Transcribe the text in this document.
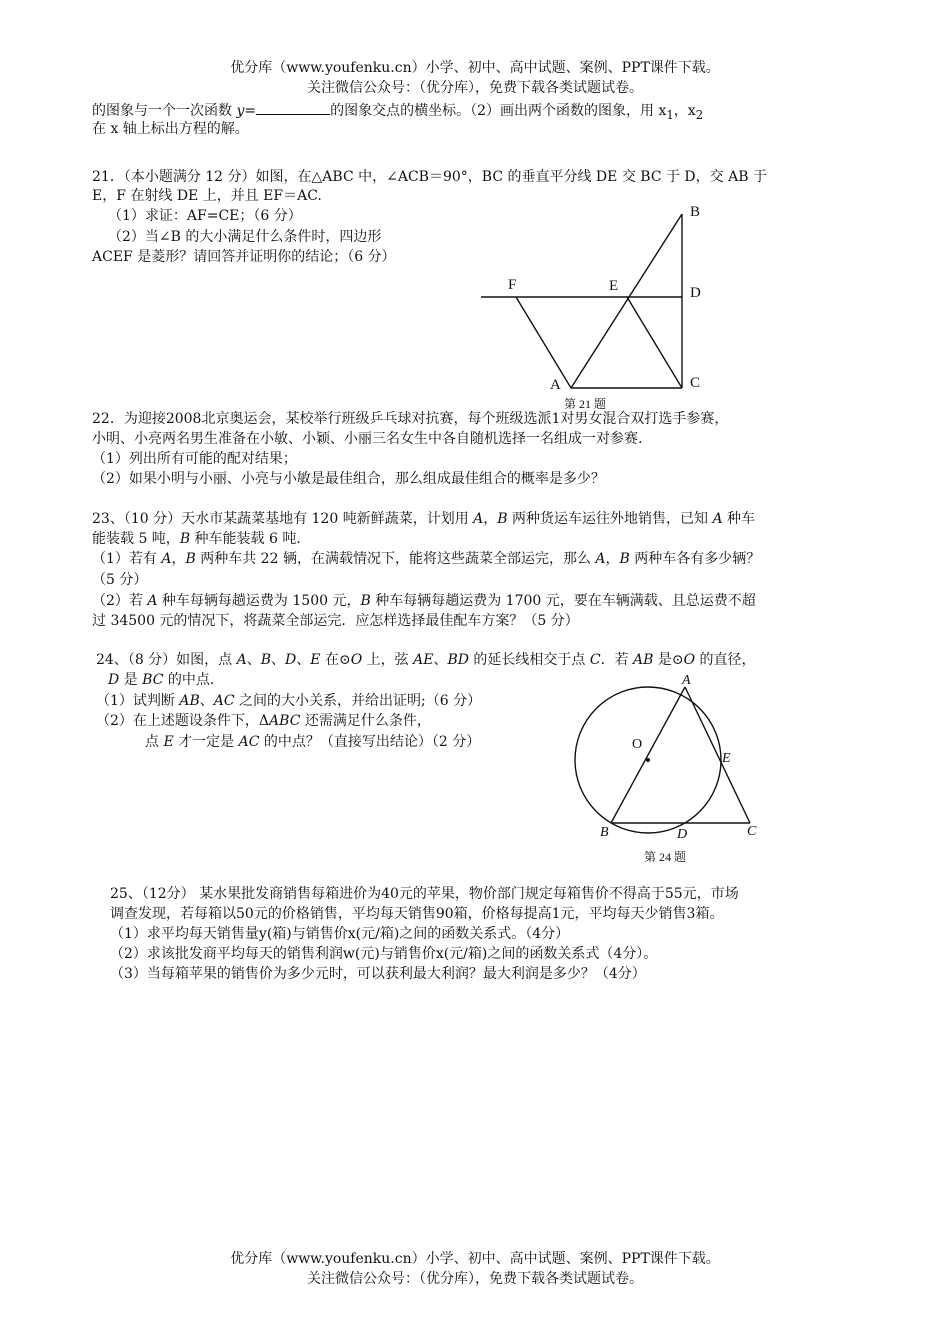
优分库（www.youfenku.cn）小学、初中、高中试题、案例、PPT课件下载。
关注微信公众号：（优分库），免费下载各类试题试卷。
的图象与一个一次函数 y=	的图象交点的横坐标。（2）画出两个函数的图象，用 $x_1$，$x_2$
在 x 轴上标出方程的解。
21．（本小题满分 12 分）如图，在△ABC 中，∠ACB＝90°，BC 的垂直平分线 DE 交 BC 于 D，交 AB 于
E，F 在射线 DE 上，并且 EF＝AC.
（1）求证：AF=CE；（6 分）
（2）当∠B 的大小满足什么条件时，四边形
ACEF 是菱形？请回答并证明你的结论；（6 分）
B
D
C
F	E
A
第 21 题
22．为迎接2008北京奥运会，某校举行班级乒乓球对抗赛，每个班级选派1对男女混合双打选手参赛，
小明、小亮两名男生准备在小敏、小颖、小丽三名女生中各自随机选择一名组成一对参赛.
（1）列出所有可能的配对结果；
（2）如果小明与小丽、小亮与小敏是最佳组合，那么组成最佳组合的概率是多少？
23、（10 分）天水市某蔬菜基地有 120 吨新鲜蔬菜，计划用 A，B 两种货运车运往外地销售，已知 A 种车
能装载 5 吨，B 种车能装载 6 吨.
（1）若有 A，B 两种车共 22 辆，在满载情况下，能将这些蔬菜全部运完，那么 A，B 两种车各有多少辆？
（5 分）
（2）若 A 种车每辆每趟运费为 1500 元，B 种车每辆每趟运费为 1700 元，要在车辆满载、且总运费不超
过 34500 元的情况下，将蔬菜全部运完．应怎样选择最佳配车方案？（5 分）
24、（8 分）如图，点 A、B、D、E 在⊙O 上，弦 AE、BD 的延长线相交于点 C．若 AB 是⊙O 的直径，
D 是 BC 的中点.
（1）试判断 AB、AC 之间的大小关系，并给出证明;（6 分）
（2）在上述题设条件下，ΔABC 还需满足什么条件，
点 E 才一定是 AC 的中点？（直接写出结论）（2 分）
A
E
B	D	C
O
第 24 题
25、（12分） 某水果批发商销售每箱进价为40元的苹果，物价部门规定每箱售价不得高于55元，市场
调查发现，若每箱以50元的价格销售，平均每天销售90箱，价格每提高1元，平均每天少销售3箱。
（1）求平均每天销售量y(箱)与销售价x(元/箱)之间的函数关系式。（4分）
（2）求该批发商平均每天的销售利润w(元)与销售价x(元/箱)之间的函数关系式（4分）。
（3）当每箱苹果的销售价为多少元时，可以获利最大利润？最大利润是多少？（4分）
优分库（www.youfenku.cn）小学、初中、高中试题、案例、PPT课件下载。
关注微信公众号：（优分库），免费下载各类试题试卷。
